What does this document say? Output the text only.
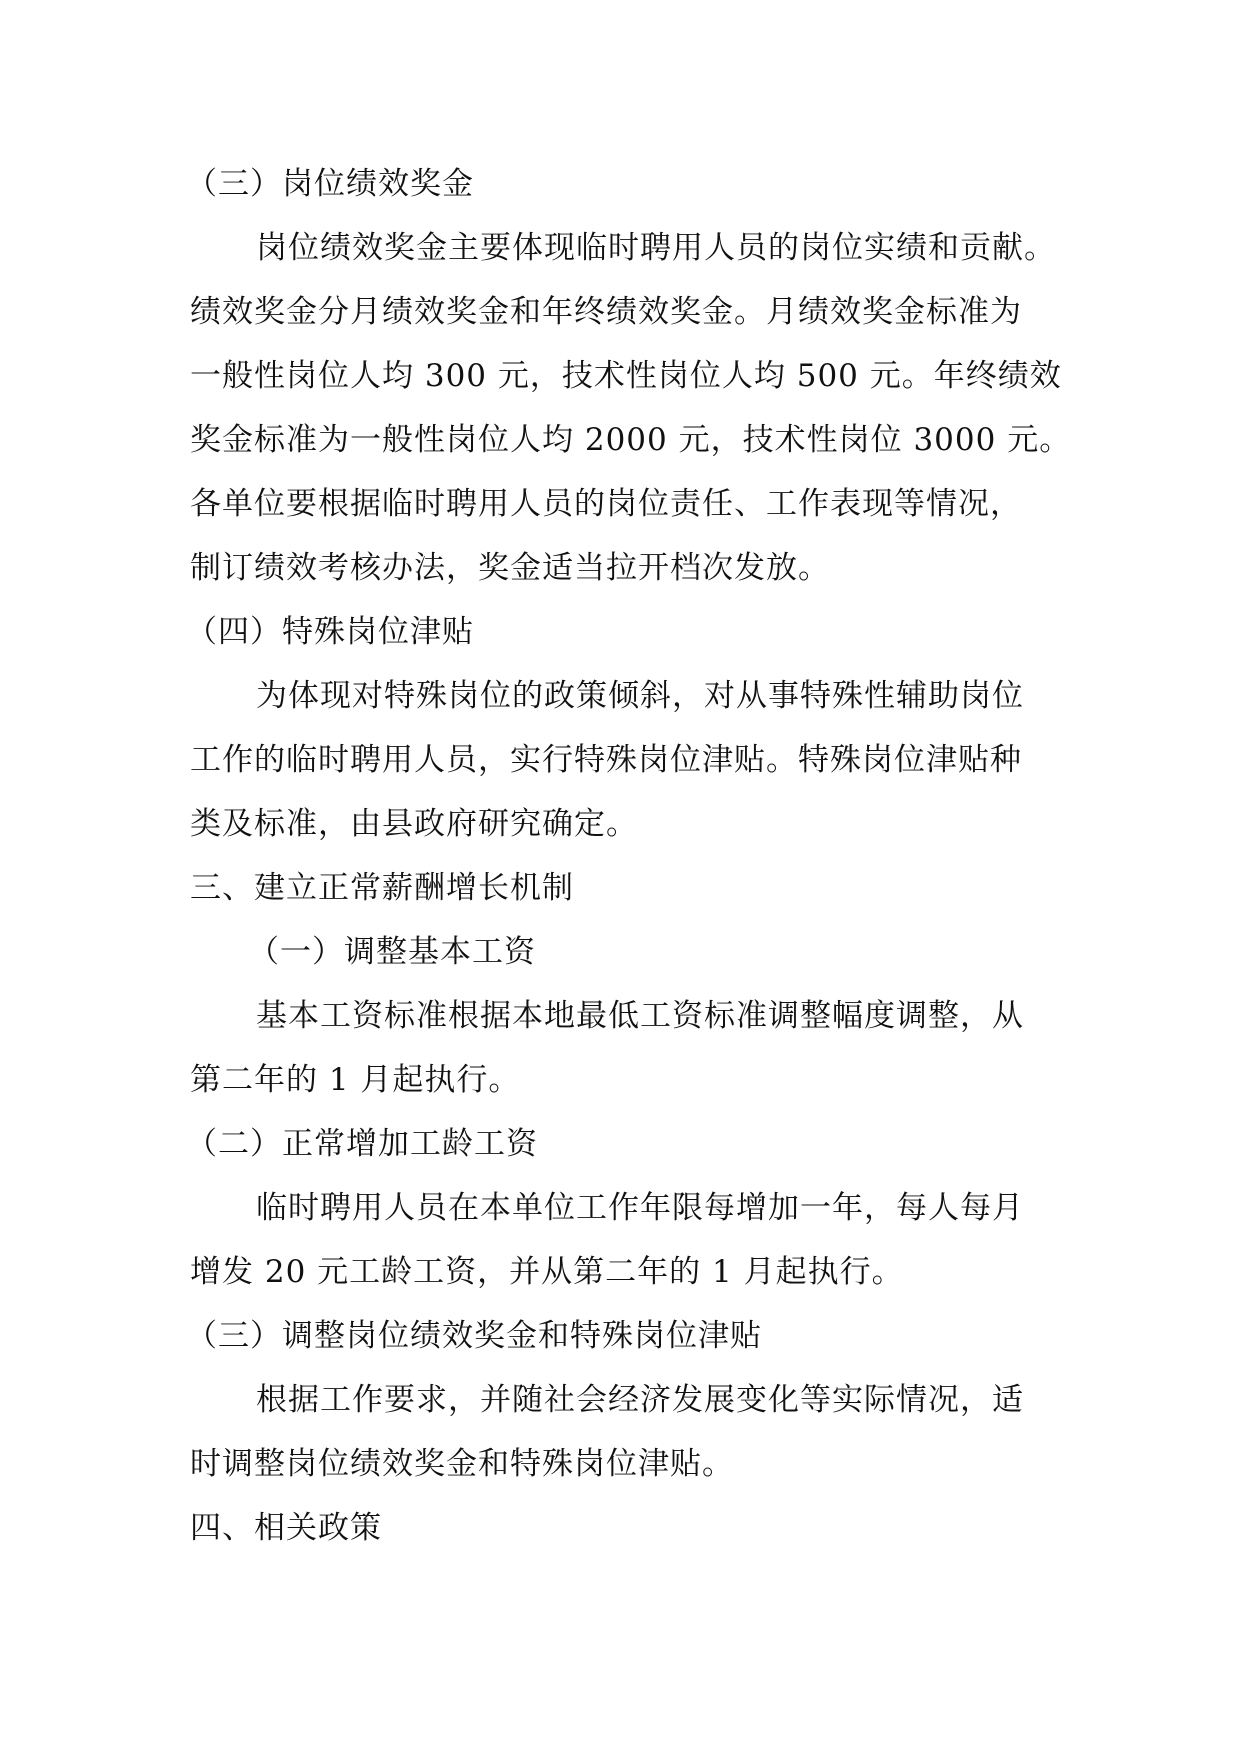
（三）岗位绩效奖金
岗位绩效奖金主要体现临时聘用人员的岗位实绩和贡献。
绩效奖金分月绩效奖金和年终绩效奖金。月绩效奖金标准为
一般性岗位人均 300 元，技术性岗位人均 500 元。年终绩效
奖金标准为一般性岗位人均 2000 元，技术性岗位 3000 元。
各单位要根据临时聘用人员的岗位责任、工作表现等情况，
制订绩效考核办法，奖金适当拉开档次发放。
（四）特殊岗位津贴
为体现对特殊岗位的政策倾斜，对从事特殊性辅助岗位
工作的临时聘用人员，实行特殊岗位津贴。特殊岗位津贴种
类及标准，由县政府研究确定。
三、建立正常薪酬增长机制
（一）调整基本工资
基本工资标准根据本地最低工资标准调整幅度调整，从
第二年的 1 月起执行。
（二）正常增加工龄工资
临时聘用人员在本单位工作年限每增加一年，每人每月
增发 20 元工龄工资，并从第二年的 1 月起执行。
（三）调整岗位绩效奖金和特殊岗位津贴
根据工作要求，并随社会经济发展变化等实际情况，适
时调整岗位绩效奖金和特殊岗位津贴。
四、相关政策
